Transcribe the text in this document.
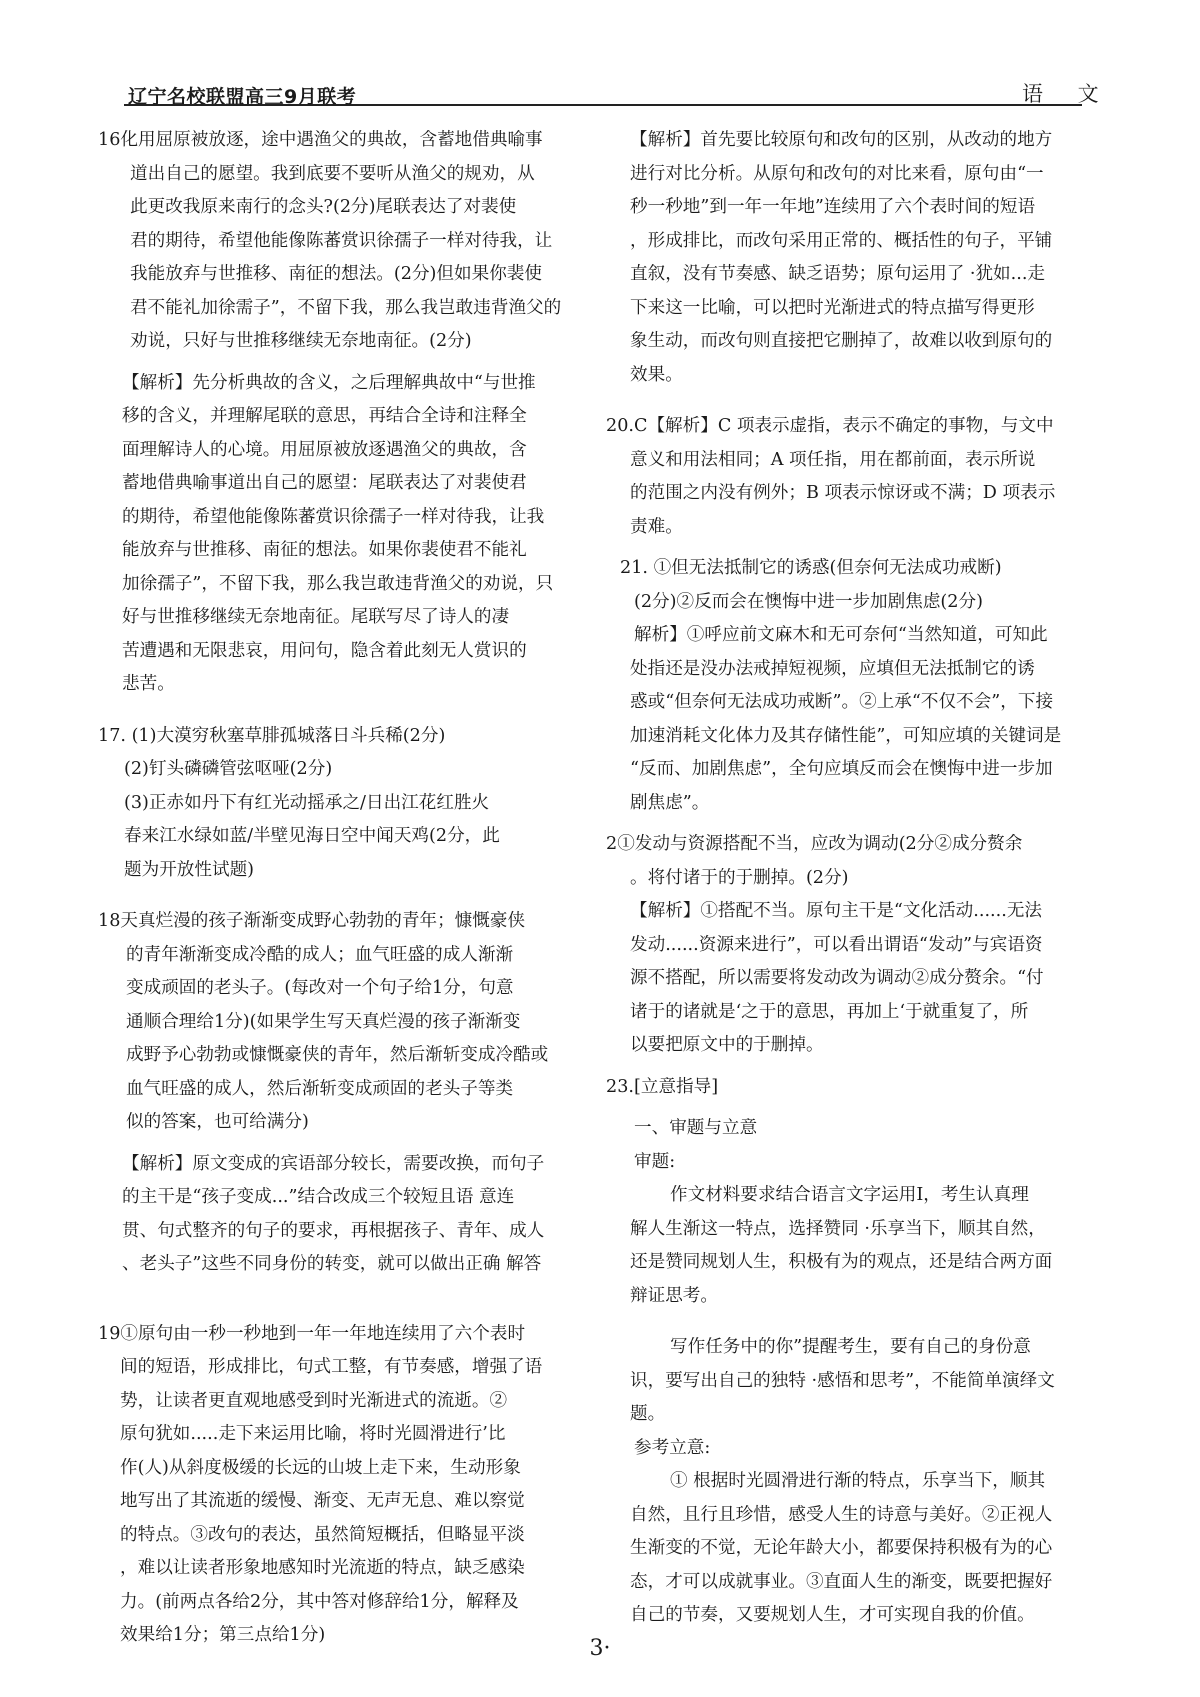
辽宁名校联盟高三9月联考	语 文
16化用屈原被放逐，途中遇渔父的典故，含蓄地借典喻事
道出自己的愿望。我到底要不要听从渔父的规劝，从
此更改我原来南行的念头?(2分)尾联表达了对裴使
君的期待，希望他能像陈蕃赏识徐孺子一样对待我，让
我能放弃与世推移、南征的想法。(2分)但如果你裴使
君不能礼加徐需子”，不留下我，那么我岂敢违背渔父的
劝说，只好与世推移继续无奈地南征。(2分)
【解析】先分析典故的含义，之后理解典故中“与世推
移的含义，并理解尾联的意思，再结合全诗和注释全
面理解诗人的心境。用屈原被放逐遇渔父的典故，含
蓄地借典喻事道出自己的愿望：尾联表达了对裴使君
的期待，希望他能像陈蕃赏识徐孺子一样对待我，让我
能放弃与世推移、南征的想法。如果你裴使君不能礼
加徐孺子”，不留下我，那么我岂敢违背渔父的劝说，只
好与世推移继续无奈地南征。尾联写尽了诗人的凄
苦遭遇和无限悲哀，用问句，隐含着此刻无人赏识的
悲苦。
17. (1)大漠穷秋塞草腓孤城落日斗兵稀(2分)
(2)钉头磷磷管弦呕哑(2分)
(3)正赤如丹下有红光动摇承之/日出江花红胜火
春来江水绿如蓝/半壁见海日空中闻天鸡(2分，此
题为开放性试题)
18天真烂漫的孩子渐渐变成野心勃勃的青年；慷慨豪侠
的青年渐渐变成冷酷的成人；血气旺盛的成人渐渐
变成顽固的老头子。(每改对一个句子给1分，句意
通顺合理给1分)(如果学生写天真烂漫的孩子渐渐变
成野予心勃勃或慷慨豪侠的青年，然后渐斩变成冷酷或
血气旺盛的成人，然后渐斩变成顽固的老头子等类
似的答案，也可给满分)
【解析】原文变成的宾语部分较长，需要改换，而句子
的主干是“孩子变成...”结合改成三个较短且语 意连
贯、句式整齐的句子的要求，再根据孩子、青年、成人
、老头子”这些不同身份的转变，就可以做出正确 解答
19①原句由一秒一秒地到一年一年地连续用了六个表时
间的短语，形成排比，句式工整，有节奏感，增强了语
势，让读者更直观地感受到时光渐进式的流逝。②
原句犹如.....走下来运用比喻，将时光圆滑进行’比
作(人)从斜度极缓的长远的山坡上走下来，生动形象
地写出了其流逝的缓慢、渐变、无声无息、难以察觉
的特点。③改句的表达，虽然简短概括，但略显平淡
，难以让读者形象地感知时光流逝的特点，缺乏感染
力。(前两点各给2分，其中答对修辞给1分，解释及
效果给1分；第三点给1分)
【解析】首先要比较原句和改句的区别，从改动的地方
进行对比分析。从原句和改句的对比来看，原句由“一
秒一秒地”到一年一年地”连续用了六个表时间的短语
，形成排比，而改句采用正常的、概括性的句子，平铺
直叙，没有节奏感、缺乏语势；原句运用了 ·犹如...走
下来这一比喻，可以把时光渐进式的特点描写得更形
象生动，而改句则直接把它删掉了，故难以收到原句的
效果。
20.C【解析】C 项表示虚指，表示不确定的事物，与文中
意义和用法相同；A 项任指，用在都前面，表示所说
的范围之内没有例外；B 项表示惊讶或不满；D 项表示
责难。
21. ①但无法抵制它的诱惑(但奈何无法成功戒断)
(2分)②反而会在懊悔中进一步加剧焦虑(2分)
解析】①呼应前文麻木和无可奈何“当然知道，可知此
处指还是没办法戒掉短视频，应填但无法抵制它的诱
惑或“但奈何无法成功戒断”。②上承“不仅不会”，下接
加速消耗文化体力及其存储性能”，可知应填的关键词是
“反而、加剧焦虑”，全句应填反而会在懊悔中进一步加
剧焦虑”。
2①发动与资源搭配不当，应改为调动(2分②成分赘余
。将付诸于的于删掉。(2分)
【解析】①搭配不当。原句主干是“文化活动......无法
发动......资源来进行”，可以看出谓语“发动”与宾语资
源不搭配，所以需要将发动改为调动②成分赘余。“付
诸于的诸就是‘之于的意思，再加上‘于就重复了，所
以要把原文中的于删掉。
23.[立意指导]
一、审题与立意
审题:
作文材料要求结合语言文字运用Ⅰ，考生认真理
解人生渐这一特点，选择赞同 ·乐享当下，顺其自然，
还是赞同规划人生，积极有为的观点，还是结合两方面
辩证思考。
写作任务中的你”提醒考生，要有自己的身份意
识，要写出自己的独特 ·感悟和思考”，不能简单演绎文
题。
参考立意:
① 根据时光圆滑进行渐的特点，乐享当下，顺其
自然，且行且珍惜，感受人生的诗意与美好。②正视人
生渐变的不觉，无论年龄大小，都要保持积极有为的心
态，才可以成就事业。③直面人生的渐变，既要把握好
自己的节奏，又要规划人生，才可实现自我的价值。
3·
